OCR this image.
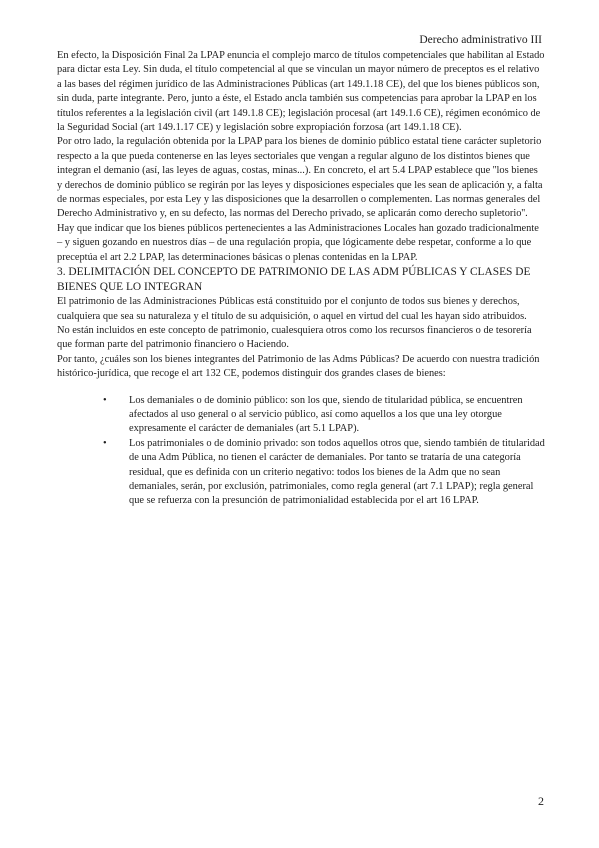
Derecho administrativo III

En efecto, la Disposición Final 2a LPAP enuncia el complejo marco de títulos competenciales que habilitan al Estado para dictar esta Ley. Sin duda, el título competencial al que se vinculan un mayor número de preceptos es el relativo a las bases del régimen jurídico de las Administraciones Públicas (art 149.1.18 CE), del que los bienes públicos son, sin duda, parte integrante. Pero, junto a éste, el Estado ancla también sus competencias para aprobar la LPAP en los títulos referentes a la legislación civil (art 149.1.8 CE); legislación procesal (art 149.1.6 CE), régimen económico de la Seguridad Social (art 149.1.17 CE) y legislación sobre expropiación forzosa (art 149.1.18 CE).

Por otro lado, la regulación obtenida por la LPAP para los bienes de dominio público estatal tiene carácter supletorio respecto a la que pueda contenerse en las leyes sectoriales que vengan a regular alguno de los distintos bienes que integran el demanio (así, las leyes de aguas, costas, minas...). En concreto, el art 5.4 LPAP establece que ''los bienes y derechos de dominio público se regirán por las leyes y disposiciones especiales que les sean de aplicación y, a falta de normas especiales, por esta Ley y las disposiciones que la desarrollen o complementen. Las normas generales del Derecho Administrativo y, en su defecto, las normas del Derecho privado, se aplicarán como derecho supletorio''.

Hay que indicar que los bienes públicos pertenecientes a las Administraciones Locales han gozado tradicionalmente – y siguen gozando en nuestros días – de una regulación propia, que lógicamente debe respetar, conforme a lo que preceptúa el art 2.2 LPAP, las determinaciones básicas o plenas contenidas en la LPAP.

3. DELIMITACIÓN DEL CONCEPTO DE PATRIMONIO DE LAS ADM PÚBLICAS Y CLASES DE BIENES QUE LO INTEGRAN

El patrimonio de las Administraciones Públicas está constituido por el conjunto de todos sus bienes y derechos, cualquiera que sea su naturaleza y el título de su adquisición, o aquel en virtud del cual les hayan sido atribuidos.

No están incluidos en este concepto de patrimonio, cualesquiera otros como los recursos financieros o de tesorería que forman parte del patrimonio financiero o Haciendo.

Por tanto, ¿cuáles son los bienes integrantes del Patrimonio de las Adms Públicas? De acuerdo con nuestra tradición histórico-jurídica, que recoge el art 132 CE, podemos distinguir dos grandes clases de bienes:

• Los demaniales o de dominio público: son los que, siendo de titularidad pública, se encuentren afectados al uso general o al servicio público, así como aquellos a los que una ley otorgue expresamente el carácter de demaniales (art 5.1 LPAP).
• Los patrimoniales o de dominio privado: son todos aquellos otros que, siendo también de titularidad de una Adm Pública, no tienen el carácter de demaniales. Por tanto se trataría de una categoría residual, que es definida con un criterio negativo: todos los bienes de la Adm que no sean demaniales, serán, por exclusión, patrimoniales, como regla general (art 7.1 LPAP); regla general que se refuerza con la presunción de patrimonialidad establecida por el art 16 LPAP.
2
